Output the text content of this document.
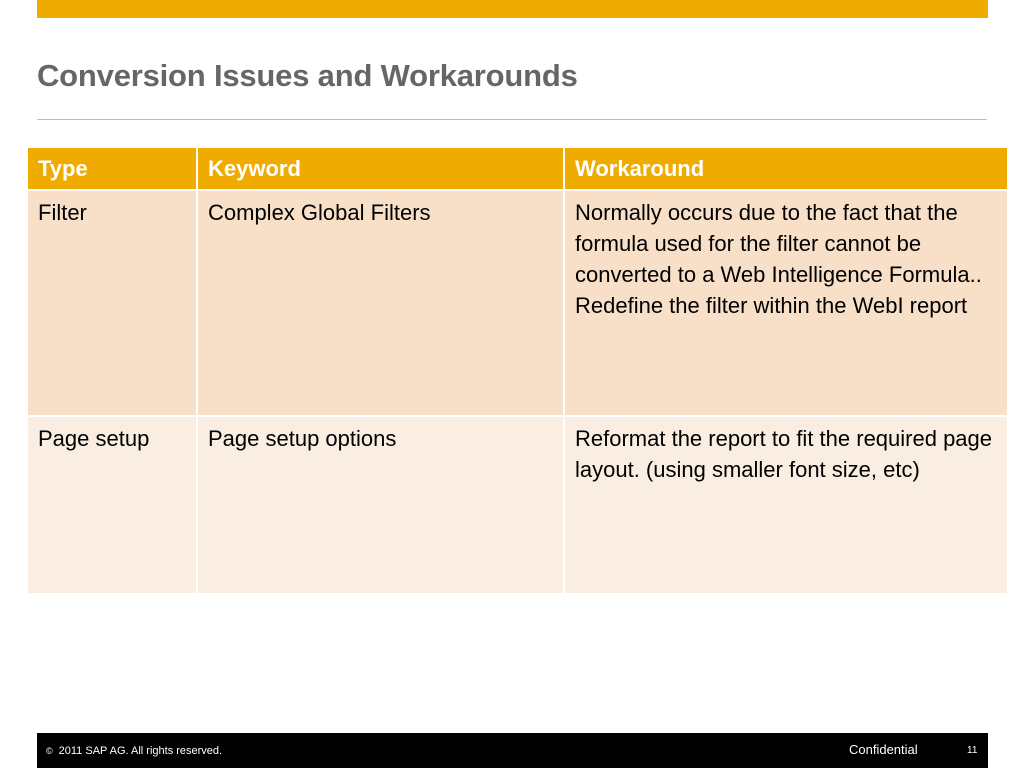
Conversion Issues and Workarounds
Type	Keyword	Workaround
Filter	Complex Global Filters	Normally occurs due to the fact that the formula used for the filter cannot be converted to a Web Intelligence Formula.. Redefine the filter within the WebI report
Page setup	Page setup options	Reformat the report to fit the required page layout. (using smaller font size, etc)
© 2011 SAP AG. All rights reserved.	Confidential	11
